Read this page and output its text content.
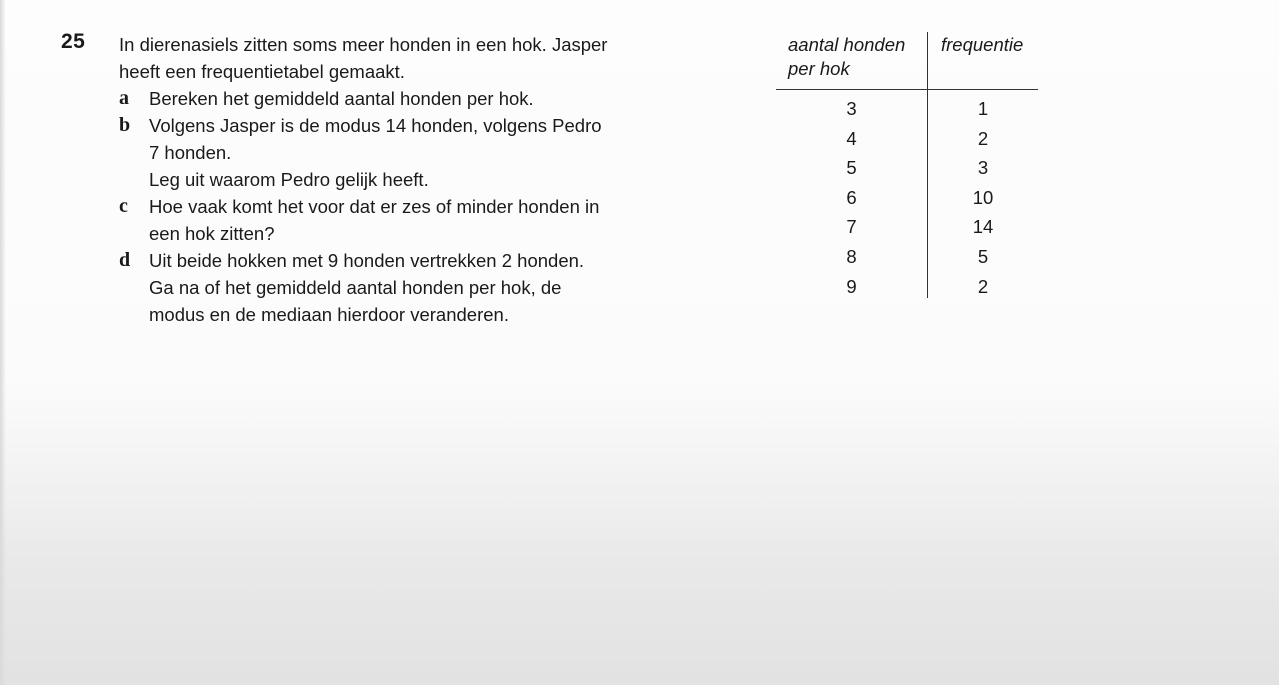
25 In dierenasiels zitten soms meer honden in een hok. Jasper
heeft een frequentietabel gemaakt.
a Bereken het gemiddeld aantal honden per hok.
b Volgens Jasper is de modus 14 honden, volgens Pedro
7 honden.
Leg uit waarom Pedro gelijk heeft.
c Hoe vaak komt het voor dat er zes of minder honden in
een hok zitten?
d Uit beide hokken met 9 honden vertrekken 2 honden.
Ga na of het gemiddeld aantal honden per hok, de
modus en de mediaan hierdoor veranderen.
aantal honden
per hok
frequentie
3	1
4	2
5	3
6	10
7	14
8	5
9	2
